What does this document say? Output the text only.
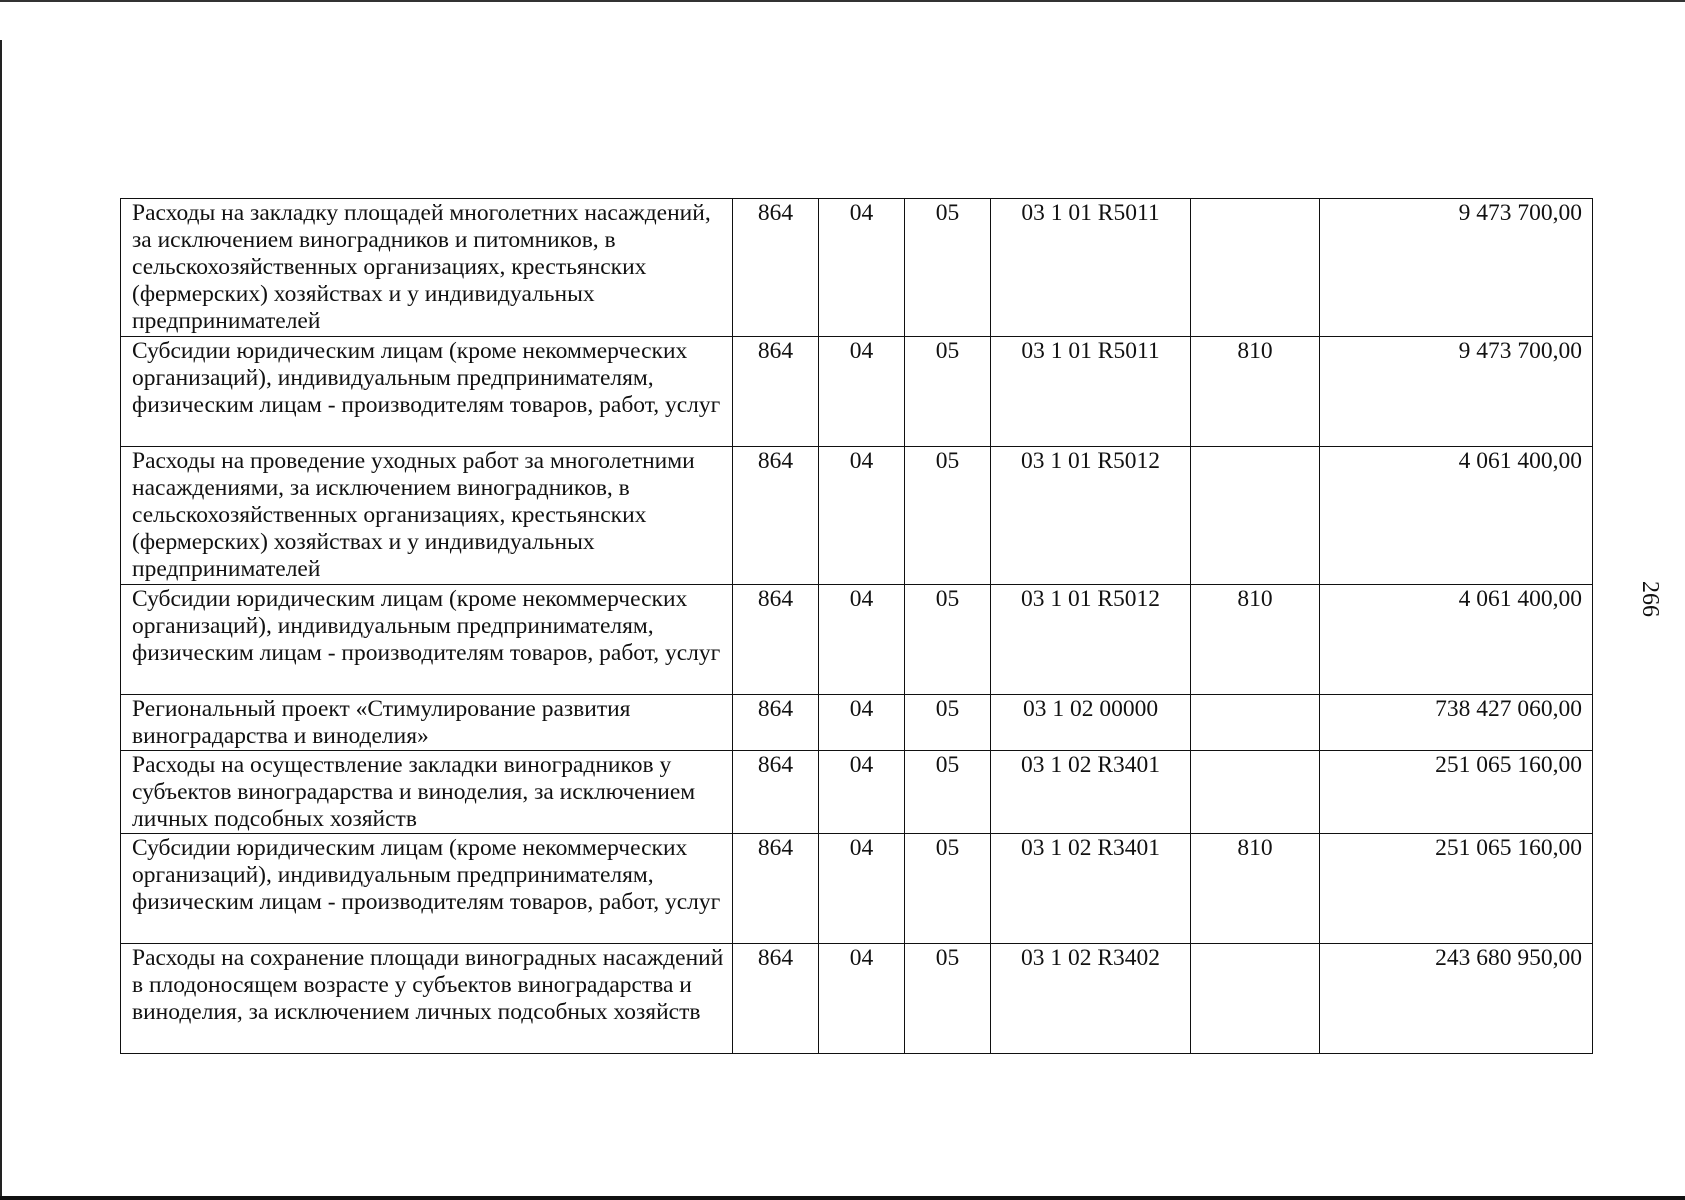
Расходы на закладку площадей многолетних насаждений, за исключением виноградников и питомников, в сельскохозяйственных организациях, крестьянских (фермерских) хозяйствах и у индивидуальных предпринимателей	864	04	05	03 1 01 R5011		9 473 700,00
Субсидии юридическим лицам (кроме некоммерческих организаций), индивидуальным предпринимателям, физическим лицам - производителям товаров, работ, услуг	864	04	05	03 1 01 R5011	810	9 473 700,00
Расходы на проведение уходных работ за многолетними насаждениями, за исключением виноградников, в сельскохозяйственных организациях, крестьянских (фермерских) хозяйствах и у индивидуальных предпринимателей	864	04	05	03 1 01 R5012		4 061 400,00
Субсидии юридическим лицам (кроме некоммерческих организаций), индивидуальным предпринимателям, физическим лицам - производителям товаров, работ, услуг	864	04	05	03 1 01 R5012	810	4 061 400,00
Региональный проект «Стимулирование развития виноградарства и виноделия»	864	04	05	03 1 02 00000		738 427 060,00
Расходы на осуществление закладки виноградников у субъектов виноградарства и виноделия, за исключением личных подсобных хозяйств	864	04	05	03 1 02 R3401		251 065 160,00
Субсидии юридическим лицам (кроме некоммерческих организаций), индивидуальным предпринимателям, физическим лицам - производителям товаров, работ, услуг	864	04	05	03 1 02 R3401	810	251 065 160,00
Расходы на сохранение площади виноградных насаждений в плодоносящем возрасте у субъектов виноградарства и виноделия, за исключением личных подсобных хозяйств	864	04	05	03 1 02 R3402		243 680 950,00
266
